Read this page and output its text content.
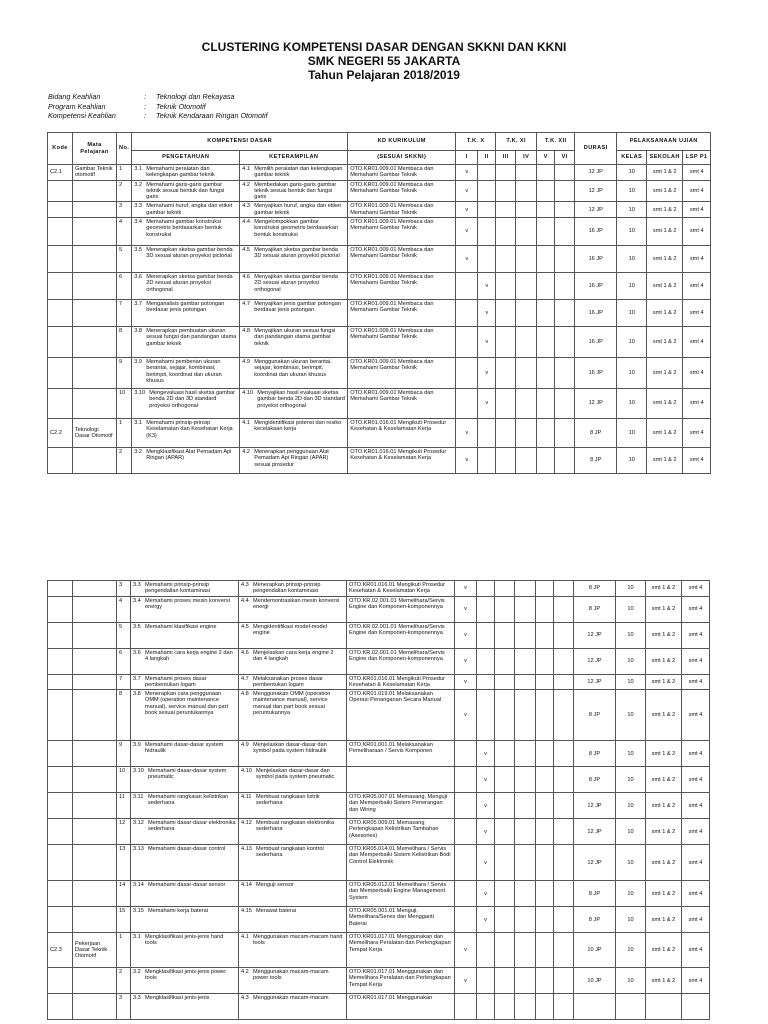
CLUSTERING KOMPETENSI DASAR DENGAN SKKNI DAN KKNI
SMK NEGERI 55 JAKARTA
Tahun Pelajaran 2018/2019
Bidang Keahlian	:	Teknologi dan Rekayasa
Program Keahlian	:	Teknik Otomotif
Kompetensi Keahlian	:	Teknik Kendaraan Ringan Otomotif
Kode	Mata Pelajaran	No.	KOMPETENSI DASAR		KD KURIKULUM	T.K. X		T.K. XI		T.K. XII		DURASI	PELAKSANAAN UJIAN		
			PENGETAHUAN	KETERAMPILAN	(SESUAI SKKNI)	I	II	III	IV	V	VI		KELAS	SEKOLAH	LSP P1
C2.1	Gambar Teknik otomotif	1	3.1 Memahami peralatan dan kelengkapan gambar teknik	4.1 Memilih peralatan dan kelengkapan gambar teknik	OTO.KR01.009.01 Membaca dan Memahami Gambar Teknik	v						12 JP	10	smt 1 & 2	smt 4
		2	3.2 Memahami garis-garis gambar teknik sesuai bentuk dan fungsi garis	4.2 Membedakan garis-garis gambar teknik sesuai bentuk dan fungsi garis	OTO.KR01.009.01 Membaca dan Memahami Gambar Teknik	v						12 JP	10	smt 1 & 2	smt 4
		3	3.3 Memahami huruf, angka dan etiket gambar teknik	4.3 Menyajikan huruf, angka dan etiket gambar teknik	OTO.KR01.009.01 Membaca dan Memahami Gambar Teknik	v						12 JP	10	smt 1 & 2	smt 4
		4	3.4 Memahami gambar konstruksi geometris berdasarkan bentuk konstruksi	4.4 Mengelompokkan gambar konstruksi geometris berdasarkan bentuk konstruksi	OTO.KR01.009.01 Membaca dan Memahami Gambar Teknik	v						16 JP	10	smt 1 & 2	smt 4
		5	3.5 Menerapkan sketsa gambar benda 3D sesuai aturan proyeksi pictorial	4.5 Menyajikan sketsa gambar benda 3D sesuai aturan proyeksi pictorial	OTO.KR01.009.01 Membaca dan Memahami Gambar Teknik	v						16 JP	10	smt 1 & 2	smt 4
		6	3.6 Menerapkan sketsa gambar benda 2D sesuai aturan proyeksi orthogonal	4.6 Menyajikan sketsa gambar benda 2D sesuai aturan proyeksi orthogonal	OTO.KR01.009.01 Membaca dan Memahami Gambar Teknik		v					16 JP	10	smt 1 & 2	smt 4
		7	3.7 Menganalisis gambar potongan berdasar jenis potongan	4.7 Menyajikan jenis gambar potongan berdasar jenis potongan	OTO.KR01.009.01 Membaca dan Memahami Gambar Teknik		v					16 JP	10	smt 1 & 2	smt 4
		8	3.8 Menerapkan pembuatan ukuran sesuai fungsi dan pandangan utama gambar teknik	4.8 Menyajikan ukuran sesuai fungsi dan pandangan utama gambar teknik	OTO.KR01.009.01 Membaca dan Memahami Gambar Teknik		v					16 JP	10	smt 1 & 2	smt 4
		9	3.9 Memahami pemberian ukuran berantai, sejajar, kombinasi, berimpit, koordinat dan ukuran khusus	4.9 Menggunakan ukuran berantai, sejajar, kombinasi, berimpit, koordinat dan ukuran khusus	OTO.KR01.009.01 Membaca dan Memahami Gambar Teknik		v					16 JP	10	smt 1 & 2	smt 4
		10	3.10 Mengevaluasi hasil sketsa gambar benda 2D dan 3D standard proyeksi orthogonal	4.10 Menyajikan hasil evaluasi sketsa gambar benda 2D dan 3D standard proyeksi orthogonal	OTO.KR01.009.01 Membaca dan Memahami Gambar Teknik		v					12 JP	10	smt 1 & 2	smt 4
C2.2	Teknologi Dasar Otomotif	1	3.1 Memahami prinsip-prinsip Keselamatan dan Kesehatan Kerja (K3)	4.1 Mengidentifikasi potensi dan resiko kecelakaan kerja	OTO.KR01.016.01 Mengikuti Prosedur Kesehatan & Keselamatan Kerja	v						8 JP	10	smt 1 & 2	smt 4
		2	3.2 Mengklasifikasi Alat Pemadam Api Ringan (APAR)	4.2 Menerapkan penggunaan Alat Pemadam Api Ringan (APAR) sesuai prosedur	OTO.KR01.016.01 Mengikuti Prosedur Kesehatan & Keselamatan Kerja	v						8 JP	10	smt 1 & 2	smt 4
		3	3.3 Memahami prinsip-prinsip pengendalian kontaminasi	4.3 Menerapkan prinsip-prinsip pengendalian kontaminasi	OTO.KR01.016.01 Mengikuti Prosedur Kesehatan & Keselamatan Kerja	v						8 JP	10	smt 1 & 2	smt 4
		4	3.4 Memahami proses mesin konversi energy	4.4 Mendemontrasikan mesin konversi energi	OTO.KR.02.001.01 Memelihara/Servis Engine dan Komponen-komponennya	v						8 JP	10	smt 1 & 2	smt 4
		5	3.5 Memahami klasifikasi engine	4.5 Mengidentifikasi model-model engine	OTO.KR.02.001.01 Memelihara/Servis Engine dan Komponen-komponennya	v						12 JP	10	smt 1 & 2	smt 4
		6	3.6 Memahami cara kerja engine 2 dan 4 langkah	4.6 Menjelaskan cara kerja engine 2 dan 4 langkah	OTO.KR.02.001.01 Memelihara/Servis Engine dan Komponen-komponennya	v						12 JP	10	smt 1 & 2	smt 4
		7	3.7 Memahami proses dasar pembentukan logam	4.7 Melaksanakan proses dasar pembentukan logam	OTO.KR01.016.01 Mengikuti Prosedur Kesehatan & Keselamatan Kerja	v						12 JP	10	smt 1 & 2	smt 4
		8	3.8 Menerapkan cara penggunaan OMM (operation maintenance manual), service manual dan part book sesuai peruntukannya	4.8 Menggunakan OMM (operation maintenance manual), service manual dan part book sesuai peruntukannya	OTO.KR01.019.01 Melaksanakan Operasi Penanganan Secara Manual	v						8 JP	10	smt 1 & 2	smt 4
		9	3.9 Memahami dasar-dasar system hidraulik	4.9 Menjelaskan dasar-dasar dan symbol pada system hidraulik	OTO.KR01.001.01 Melaksanakan Pemeliharaan / Servis Komponen		v					8 JP	10	smt 1 & 2	smt 4
		10	3.10 Memahami dasar-dasar system pneumatic	4.10 Menjelaskan dasar-dasar dan symbol pada system pneumatic			v					8 JP	10	smt 1 & 2	smt 4
		11	3.11 Memahami rangkaian kelistrikan sederhana	4.11 Membuat rangkaian listrik sederhana	OTO.KR05.007.01 Memasang, Menguji dan Memperbaiki Sistem Penerangan dan Wiring		v					12 JP	10	smt 1 & 2	smt 4
		12	3.12 Memahami dasar-dasar elektronika sederhana	4.12 Membuat rangkaian elektronika sederhana	OTO.KR05.009.01 Memasang Perlengkapan Kelistrikan Tambahan (Asesories)		v					12 JP	10	smt 1 & 2	smt 4
		13	3.13 Memahami dasar-dasar control	4.13 Membuat rangkaian kontrol sederhana	OTO.KR05.014.01 Memelihara / Servis dan Memperbaiki Sistem Kelistrikan Bodi Control Elektronik		v					12 JP	10	smt 1 & 2	smt 4
		14	3.14 Memahami dasar-dasar sensor	4.14 Menguji sensor	OTO.KR05.012.01 Memelihara / Servis dan Memperbaiki Engine Management System		v					8 JP	10	smt 1 & 2	smt 4
		15	3.15 Memahami kerja baterai	4.15 Merawat baterai	OTO.KR05.001.01 Menguji, Memelihara/Servis dan Mengganti Baterai		v					8 JP	10	smt 1 & 2	smt 4
C2.3	Pekerjaan Dasar Teknik Otomotif	1	3.1 Mengklasifikasi jenis-jenis hand tools	4.1 Menggunakan macam-macam hand tools	OTO.KR01.017.01 Menggunakan dan Memelihara Peralatan dan Perlengkapan Tempat Kerja	v						10 JP	10	smt 1 & 2	smt 4
		2	3.2 Mengklasifikasi jenis-jenis power tools	4.2 Menggunakan macam-macam power tools	OTO.KR01.017.01 Menggunakan dan Memelihara Peralatan dan Perlengkapan Tempat Kerja	v						10 JP	10	smt 1 & 2	smt 4
		3	3.3 Mengklasifikasi jenis-jenis	4.3 Menggunakan macam-macam	OTO.KR01.017.01 Menggunakan										
